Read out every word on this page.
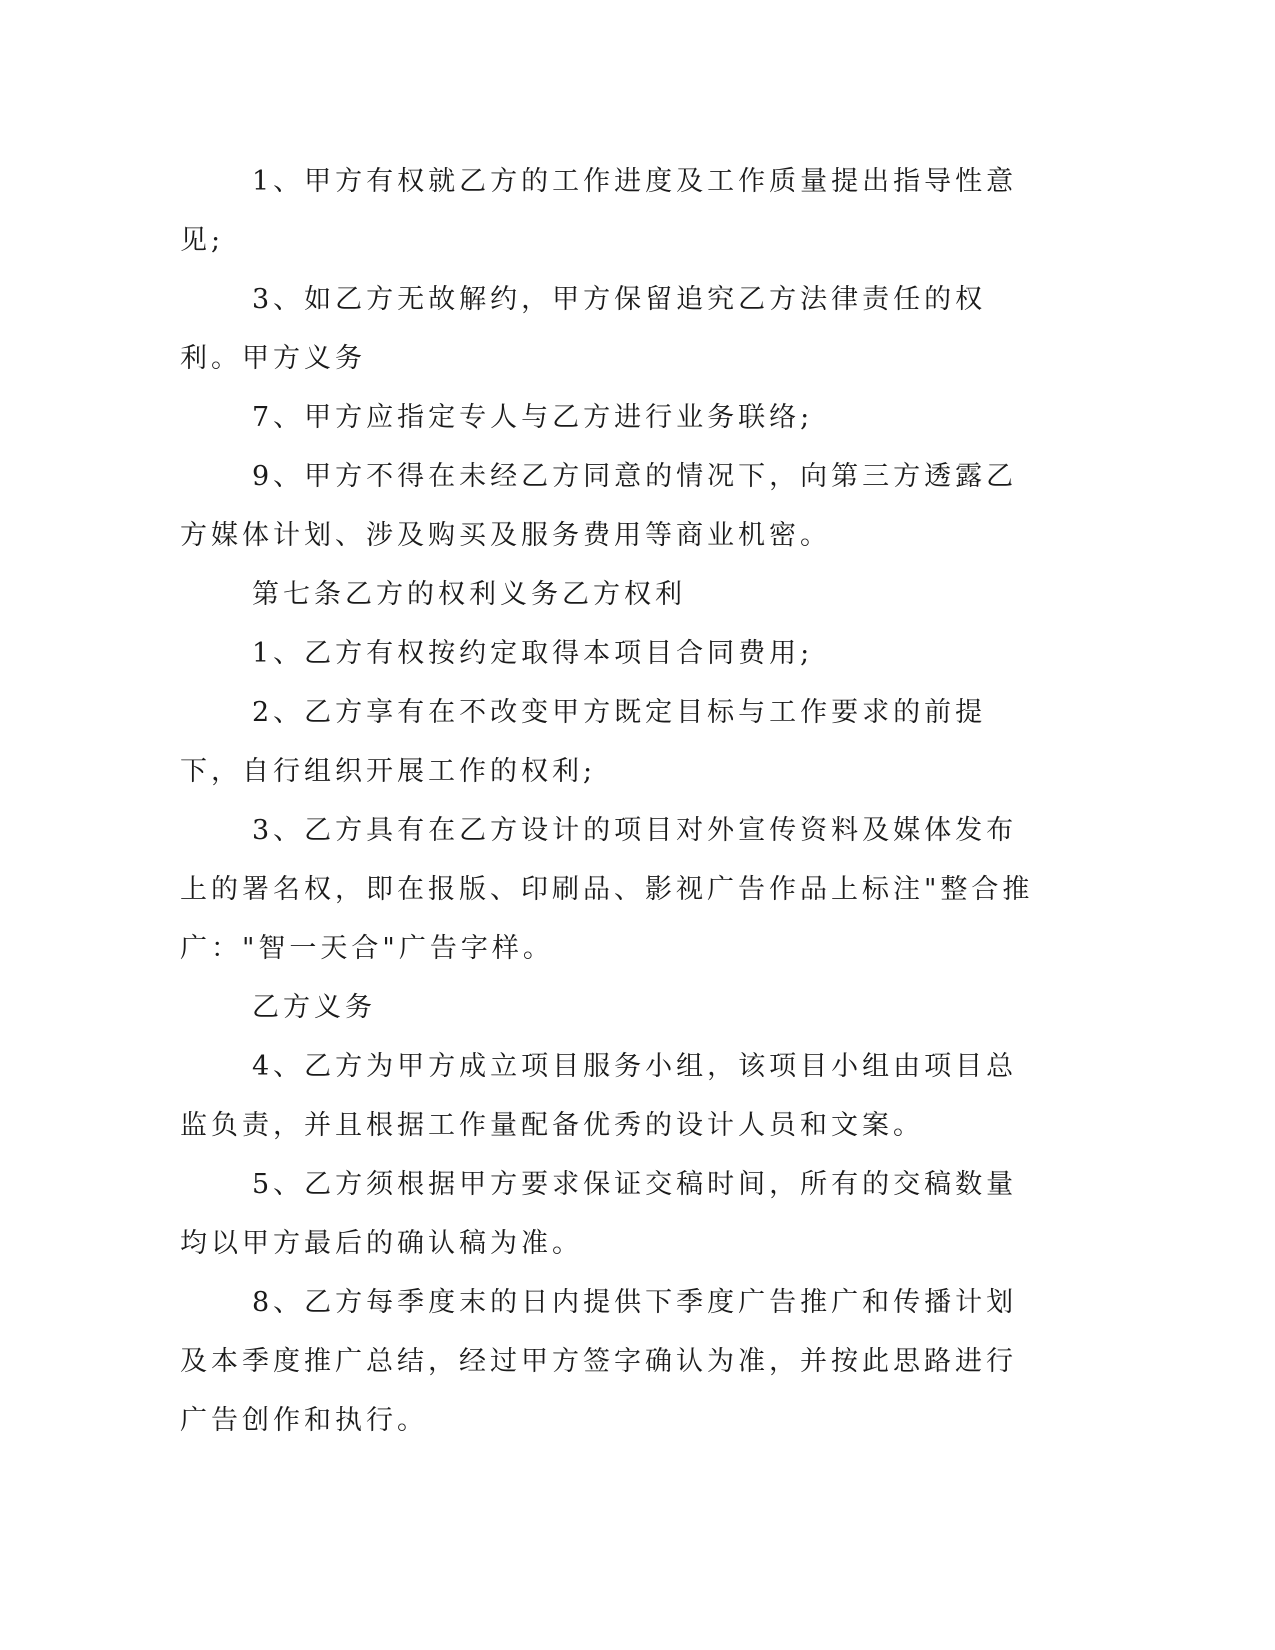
1、甲方有权就乙方的工作进度及工作质量提出指导性意见;

3、如乙方无故解约，甲方保留追究乙方法律责任的权利。甲方义务

7、甲方应指定专人与乙方进行业务联络;

9、甲方不得在未经乙方同意的情况下，向第三方透露乙方媒体计划、涉及购买及服务费用等商业机密。

第七条乙方的权利义务乙方权利

1、乙方有权按约定取得本项目合同费用;

2、乙方享有在不改变甲方既定目标与工作要求的前提下，自行组织开展工作的权利;

3、乙方具有在乙方设计的项目对外宣传资料及媒体发布上的署名权，即在报版、印刷品、影视广告作品上标注"整合推广："智一天合"广告字样。

乙方义务

4、乙方为甲方成立项目服务小组，该项目小组由项目总监负责，并且根据工作量配备优秀的设计人员和文案。

5、乙方须根据甲方要求保证交稿时间，所有的交稿数量均以甲方最后的确认稿为准。

8、乙方每季度末的日内提供下季度广告推广和传播计划及本季度推广总结，经过甲方签字确认为准，并按此思路进行广告创作和执行。
